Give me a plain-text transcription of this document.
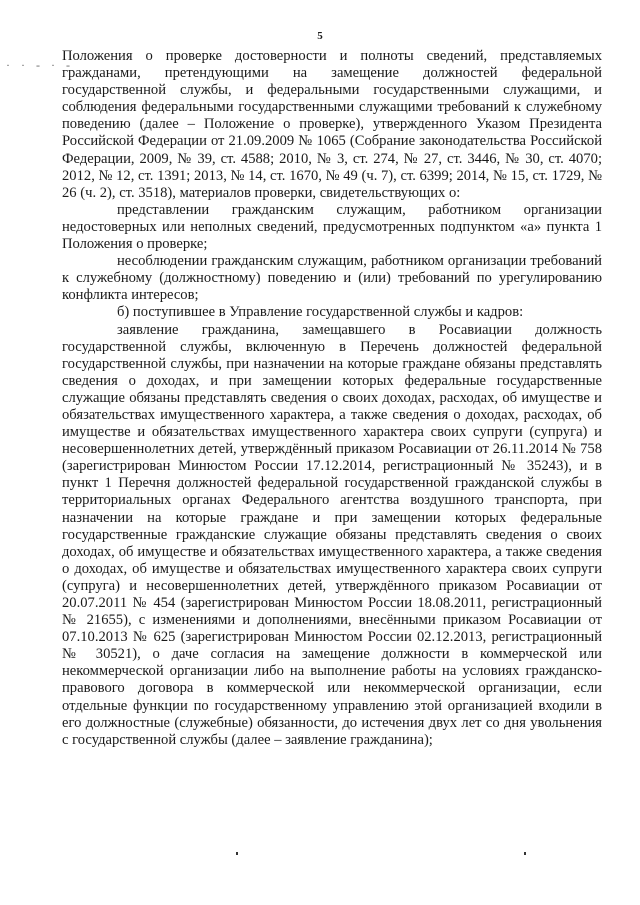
5
· · - · -

Положения о проверке достоверности и полноты сведений, представляемых гражданами, претендующими на замещение должностей федеральной государственной службы, и федеральными государственными служащими, и соблюдения федеральными государственными служащими требований к служебному поведению (далее – Положение о проверке), утвержденного Указом Президента Российской Федерации от 21.09.2009 № 1065 (Собрание законодательства Российской Федерации, 2009, № 39, ст. 4588; 2010, № 3, ст. 274, № 27, ст. 3446, № 30, ст. 4070; 2012, № 12, ст. 1391; 2013, № 14, ст. 1670, № 49 (ч. 7), ст. 6399; 2014, № 15, ст. 1729, № 26 (ч. 2), ст. 3518), материалов проверки, свидетельствующих о:

представлении гражданским служащим, работником организации недостоверных или неполных сведений, предусмотренных подпунктом «а» пункта 1 Положения о проверке;

несоблюдении гражданским служащим, работником организации требований к служебному (должностному) поведению и (или) требований по урегулированию конфликта интересов;

б) поступившее в Управление государственной службы и кадров:

заявление гражданина, замещавшего в Росавиации должность государственной службы, включенную в Перечень должностей федеральной государственной службы, при назначении на которые граждане обязаны представлять сведения о доходах, и при замещении которых федеральные государственные служащие обязаны представлять сведения о своих доходах, расходах, об имуществе и обязательствах имущественного характера, а также сведения о доходах, расходах, об имуществе и обязательствах имущественного характера своих супруги (супруга) и несовершеннолетних детей, утверждённый приказом Росавиации от 26.11.2014 № 758 (зарегистрирован Минюстом России 17.12.2014, регистрационный № 35243), и в пункт 1 Перечня должностей федеральной государственной гражданской службы в территориальных органах Федерального агентства воздушного транспорта, при назначении на которые граждане и при замещении которых федеральные государственные гражданские служащие обязаны представлять сведения о своих доходах, об имуществе и обязательствах имущественного характера, а также сведения о доходах, об имуществе и обязательствах имущественного характера своих супруги (супруга) и несовершеннолетних детей, утверждённого приказом Росавиации от 20.07.2011 № 454 (зарегистрирован Минюстом России 18.08.2011, регистрационный № 21655), с изменениями и дополнениями, внесёнными приказом Росавиации от 07.10.2013 № 625 (зарегистрирован Минюстом России 02.12.2013, регистрационный № 30521), о даче согласия на замещение должности в коммерческой или некоммерческой организации либо на выполнение работы на условиях гражданско-правового договора в коммерческой или некоммерческой организации, если отдельные функции по государственному управлению этой организацией входили в его должностные (служебные) обязанности, до истечения двух лет со дня увольнения с государственной службы (далее – заявление гражданина);
